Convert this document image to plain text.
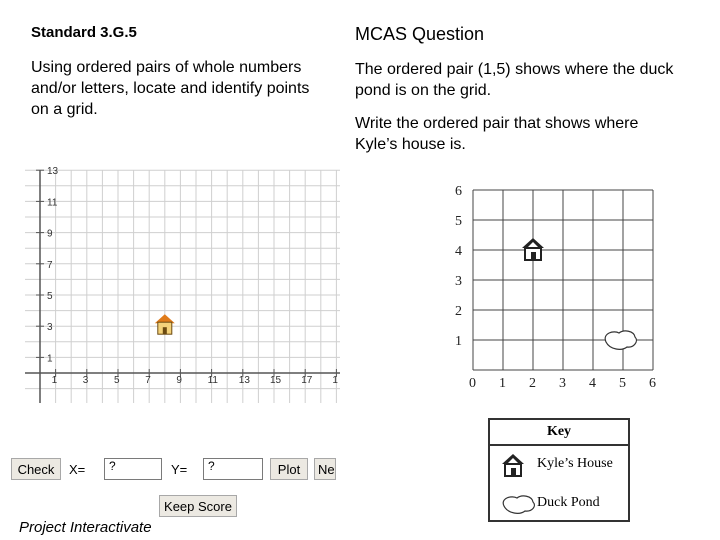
Standard 3.G.5
Using ordered pairs of whole numbers and/or letters, locate and identify points on a grid.
MCAS Question
The ordered pair (1,5) shows where the duck pond is on the grid.
Write the ordered pair that shows where Kyle’s house is.
13
11
9
7
5
3
1
1	3	5	7	9	11 13 15 17 1
Check	X=	?	Y=	?	Plot	Ne
Keep Score
Project Interactivate
1
2
3
4
5
6
0 1 2 3 4 5 6
Key
Kyle’s House
Duck Pond
